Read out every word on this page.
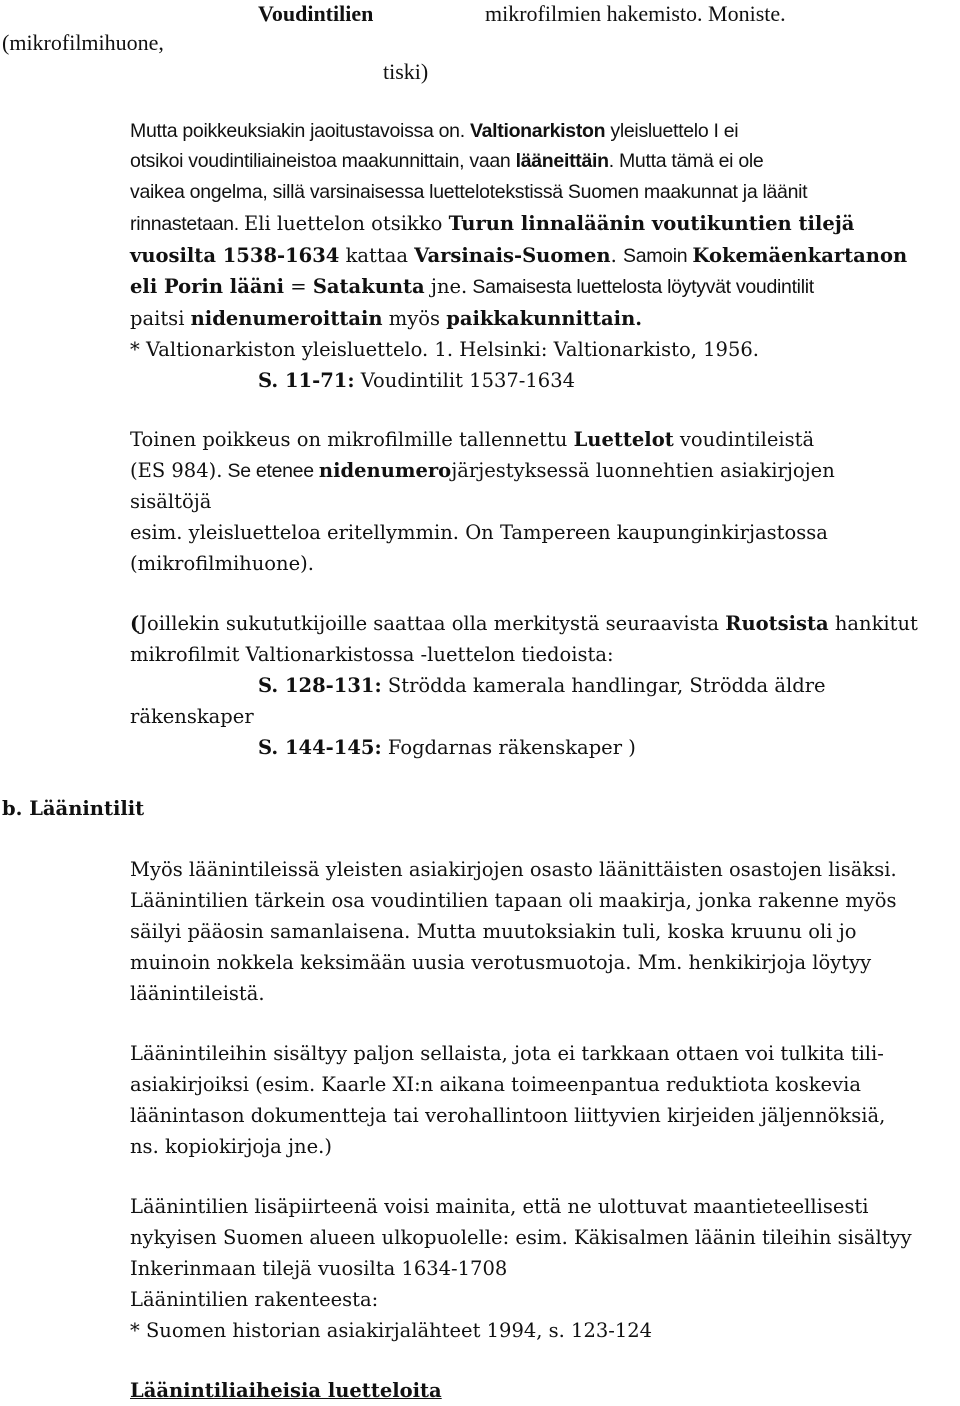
(mikrofilmihuone,
Voudintilien
tiski)
mikrofilmien hakemisto. Moniste.
Mutta poikkeuksiakin jaoitustavoissa on. Valtionarkiston yleisluettelo I ei
otsikoi voudintiliaineistoa maakunnittain, vaan lääneittäin. Mutta tämä ei ole
vaikea ongelma, sillä varsinaisessa luettelotekstissä Suomen maakunnat ja läänit
rinnastetaan. Eli luettelon otsikko Turun linnaläänin voutikuntien tilejä
vuosilta 1538-1634 kattaa Varsinais-Suomen. Samoin Kokemäenkartanon
eli Porin lääni = Satakunta jne. Samaisesta luettelosta löytyvät voudintilit
paitsi nidenumeroittain myös paikkakunnittain.
* Valtionarkiston yleisluettelo. 1. Helsinki: Valtionarkisto, 1956.
S. 11-71: Voudintilit 1537-1634
Toinen poikkeus on mikrofilmille tallennettu Luettelot voudintileistä
(ES 984). Se etenee nidenumerojärjestyksessä luonnehtien asiakirjojen
sisältöjä
esim. yleisluetteloa eritellymmin. On Tampereen kaupunginkirjastossa
(mikrofilmihuone).
(Joillekin sukututkijoille saattaa olla merkitystä seuraavista Ruotsista hankitut
mikrofilmit Valtionarkistossa -luettelon tiedoista:
S. 128-131: Strödda kamerala handlingar, Strödda äldre
räkenskaper
S. 144-145: Fogdarnas räkenskaper )
b. Läänintilit
Myös läänintileissä yleisten asiakirjojen osasto läänittäisten osastojen lisäksi.
Läänintilien tärkein osa voudintilien tapaan oli maakirja, jonka rakenne myös
säilyi pääosin samanlaisena. Mutta muutoksiakin tuli, koska kruunu oli jo
muinoin nokkela keksimään uusia verotusmuotoja. Mm. henkikirjoja löytyy
läänintileistä.
Läänintileihin sisältyy paljon sellaista, jota ei tarkkaan ottaen voi tulkita tili-
asiakirjoiksi (esim. Kaarle XI:n aikana toimeenpantua reduktiota koskevia
läänintason dokumentteja tai verohallintoon liittyvien kirjeiden jäljennöksiä,
ns. kopiokirjoja jne.)
Läänintilien lisäpiirteenä voisi mainita, että ne ulottuvat maantieteellisesti
nykyisen Suomen alueen ulkopuolelle: esim. Käkisalmen läänin tileihin sisältyy
Inkerinmaan tilejä vuosilta 1634-1708
Läänintilien rakenteesta:
* Suomen historian asiakirjalähteet 1994, s. 123-124
Läänintiliaiheisia luetteloita
